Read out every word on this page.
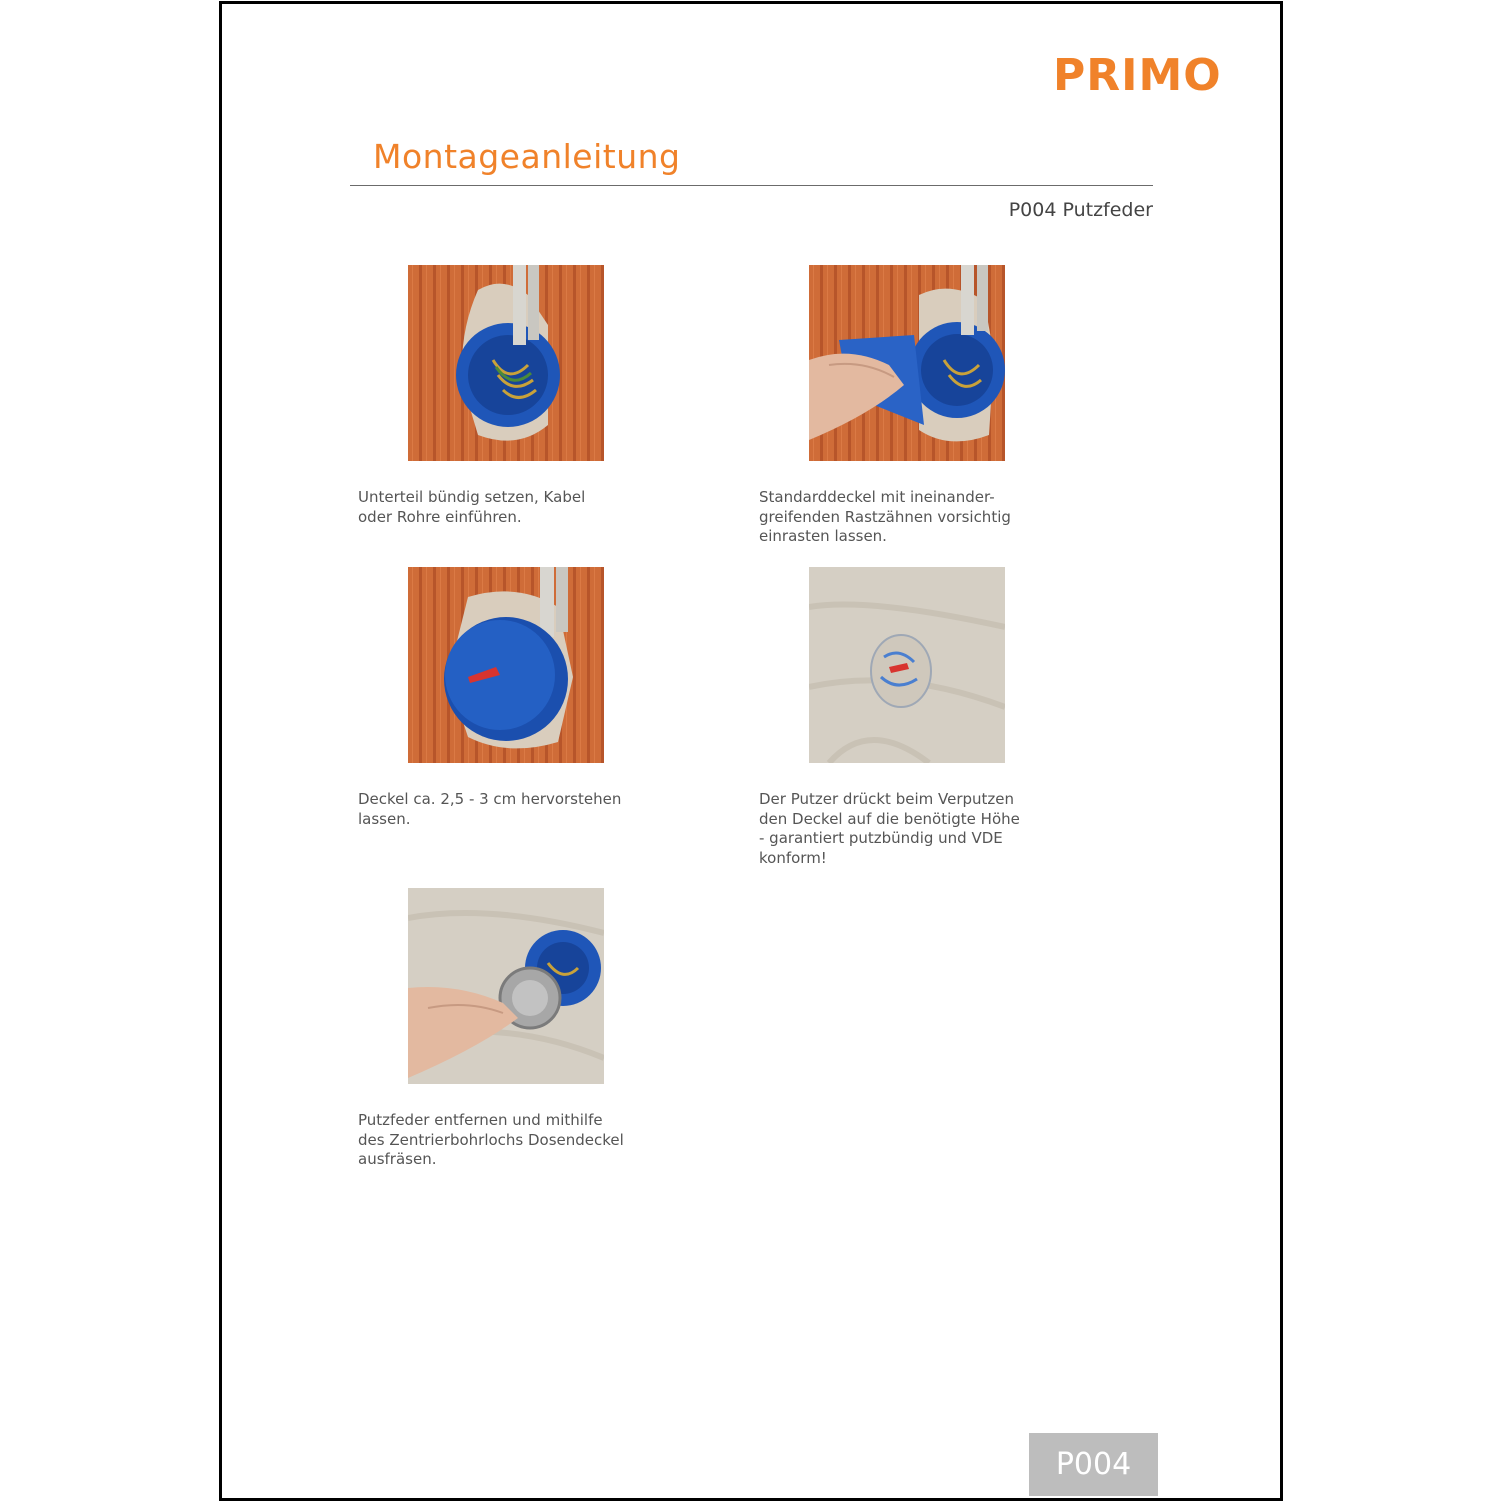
PRIMO
Montageanleitung
P004 Putzfeder
Unterteil bündig setzen, Kabel
oder Rohre einführen.
Standarddeckel mit ineinander-
greifenden Rastzähnen vorsichtig
einrasten lassen.
Deckel ca. 2,5 - 3 cm hervorstehen
lassen.
Der Putzer drückt beim Verputzen
den Deckel auf die benötigte Höhe
- garantiert putzbündig und VDE
konform!
Putzfeder entfernen und mithilfe
des Zentrierbohrlochs Dosendeckel
ausfräsen.
P004
